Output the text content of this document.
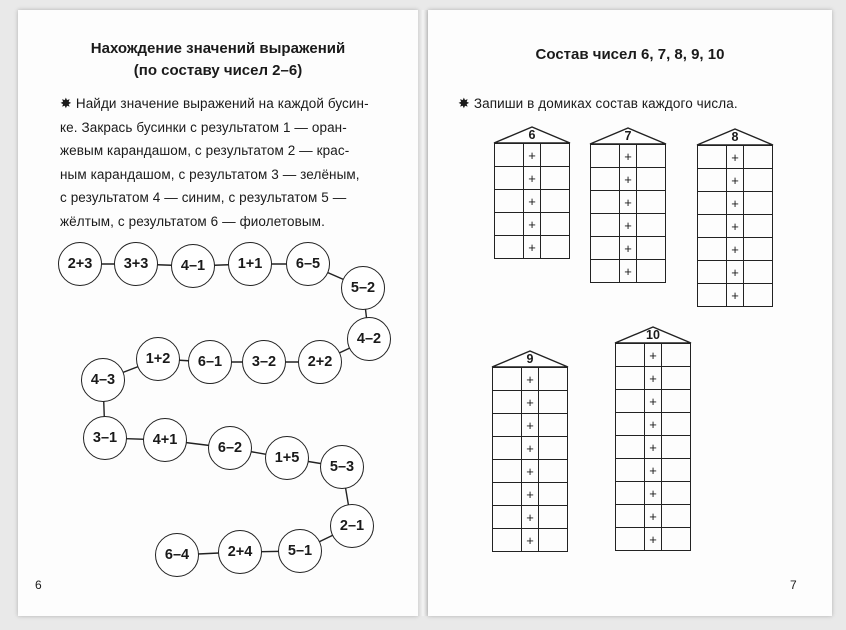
Нахождение значений выражений
(по составу чисел 2–6)
✸ Найди значение выражений на каждой бусин-
ке. Закрась бусинки с результатом 1 — оран-
жевым карандашом, с результатом 2 — крас-
ным карандашом, с результатом 3 — зелёным,
с результатом 4 — синим, с результатом 5 —
жёлтым, с результатом 6 — фиолетовым.
2+3	3+3	4–1	1+1	6–5
5–2
4–2
2+2
3–2
6–1
1+2
4–3
3–1	4+1	6–2
1+5
5–3
2–1
5–1
2+4
6–4
6
Состав чисел 6, 7, 8, 9, 10
✸ Запиши в домиках состав каждого числа.
6
	+	
	+	
	+	
	+	
	+	
7
	+	
	+	
	+	
	+	
	+	
	+	
8
	+	
	+	
	+	
	+	
	+	
	+	
	+	
9
	+	
	+	
	+	
	+	
	+	
	+	
	+	
	+	
10
	+	
	+	
	+	
	+	
	+	
	+	
	+	
	+	
	+	
7
